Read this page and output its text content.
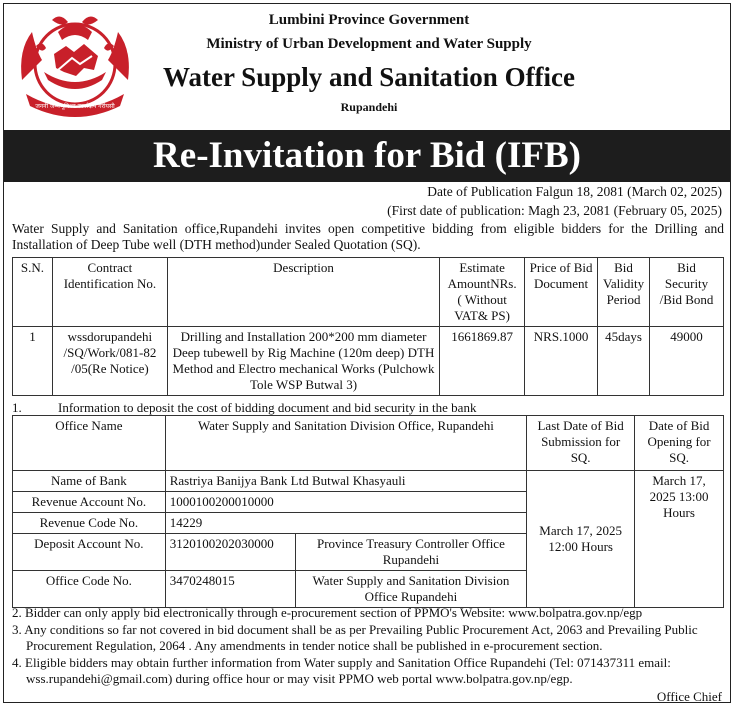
जननी जन्मभूमिश्च स्वर्गादपि गरीयसी
Lumbini Province Government
Ministry of Urban Development and Water Supply
Water Supply and Sanitation Office
Rupandehi
Re-Invitation for Bid (IFB)
Date of Publication Falgun 18, 2081 (March 02, 2025)
(First date of publication: Magh 23, 2081 (February 05, 2025)
Water Supply and Sanitation office,Rupandehi invites open competitive bidding from eligible bidders for the Drilling and Installation of Deep Tube well (DTH method)under Sealed Quotation (SQ).
S.N.	Contract Identification No.	Description	Estimate AmountNRs. ( Without VAT& PS)	Price of Bid Document	Bid Validity Period	Bid Security /Bid Bond
1	wssdorupandehi /SQ/Work/081-82 /05(Re Notice)	Drilling and Installation 200*200 mm diameter Deep tubewell by Rig Machine (120m deep) DTH Method and Electro mechanical Works (Pulchowk Tole WSP Butwal 3)	1661869.87	NRS.1000	45days	49000
1.	Information to deposit the cost of bidding document and bid security in the bank
Office Name	Water Supply and Sanitation Division Office, Rupandehi		Last Date of Bid Submission for SQ.	Date of Bid Opening for SQ.
Name of Bank	Rastriya Banijya Bank Ltd Butwal Khasyauli		March 17, 2025 12:00 Hours	March 17, 2025 13:00 Hours
Revenue Account No.	1000100200010000			
Revenue Code No.	14229			
Deposit Account No.	3120100202030000	Province Treasury Controller Office Rupandehi		
Office Code No.	3470248015	Water Supply and Sanitation Division Office Rupandehi		
2. Bidder can only apply bid electronically through e-procurement section of PPMO's Website: www.bolpatra.gov.np/egp
3. Any conditions so far not covered in bid document shall be as per Prevailing Public Procurement Act, 2063 and Prevailing Public Procurement Regulation, 2064 . Any amendments in tender notice shall be published in e-procurement section.
4. Eligible bidders may obtain further information from Water supply and Sanitation Office Rupandehi (Tel: 071437311 email: wss.rupandehi@gmail.com) during office hour or may visit PPMO web portal www.bolpatra.gov.np/egp.
Office Chief
